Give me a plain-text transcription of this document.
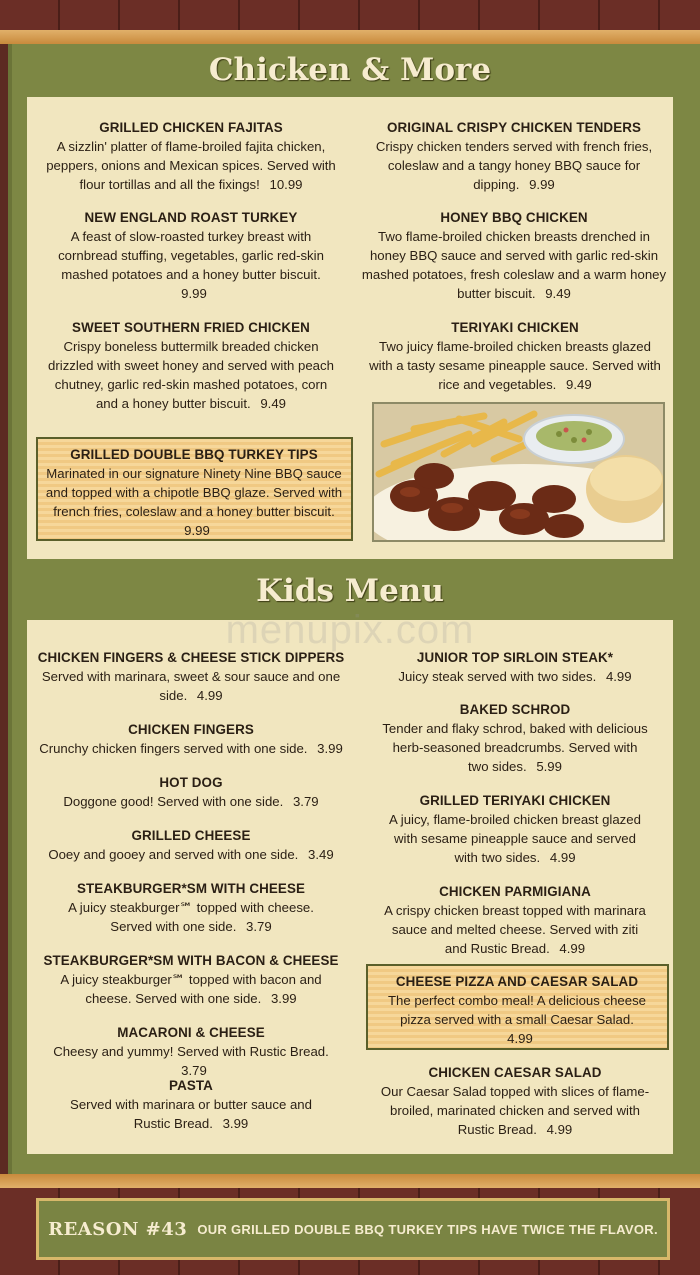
Chicken & More
GRILLED CHICKEN FAJITAS
A sizzlin' platter of flame-broiled fajita chicken, peppers, onions and Mexican spices. Served with flour tortillas and all the fixings! 10.99
NEW ENGLAND ROAST TURKEY
A feast of slow-roasted turkey breast with cornbread stuffing, vegetables, garlic red-skin mashed potatoes and a honey butter biscuit. 9.99
SWEET SOUTHERN FRIED CHICKEN
Crispy boneless buttermilk breaded chicken drizzled with sweet honey and served with peach chutney, garlic red-skin mashed potatoes, corn and a honey butter biscuit. 9.49
GRILLED DOUBLE BBQ TURKEY TIPS
Marinated in our signature Ninety Nine BBQ sauce and topped with a chipotle BBQ glaze. Served with french fries, coleslaw and a honey butter biscuit. 9.99
ORIGINAL CRISPY CHICKEN TENDERS
Crispy chicken tenders served with french fries, coleslaw and a tangy honey BBQ sauce for dipping. 9.99
HONEY BBQ CHICKEN
Two flame-broiled chicken breasts drenched in honey BBQ sauce and served with garlic red-skin mashed potatoes, fresh coleslaw and a warm honey butter biscuit. 9.49
TERIYAKI CHICKEN
Two juicy flame-broiled chicken breasts glazed with a tasty sesame pineapple sauce. Served with rice and vegetables. 9.49
Kids Menu
menupix.com
CHICKEN FINGERS & CHEESE STICK DIPPERS
Served with marinara, sweet & sour sauce and one side. 4.99
CHICKEN FINGERS
Crunchy chicken fingers served with one side. 3.99
HOT DOG
Doggone good! Served with one side. 3.79
GRILLED CHEESE
Ooey and gooey and served with one side. 3.49
STEAKBURGER*SM WITH CHEESE
A juicy steakburger℠ topped with cheese. Served with one side. 3.79
STEAKBURGER*SM WITH BACON & CHEESE
A juicy steakburger℠ topped with bacon and cheese. Served with one side. 3.99
MACARONI & CHEESE
Cheesy and yummy! Served with Rustic Bread. 3.79
PASTA
Served with marinara or butter sauce and Rustic Bread. 3.99
JUNIOR TOP SIRLOIN STEAK*
Juicy steak served with two sides. 4.99
BAKED SCHROD
Tender and flaky schrod, baked with delicious herb-seasoned breadcrumbs. Served with two sides. 5.99
GRILLED TERIYAKI CHICKEN
A juicy, flame-broiled chicken breast glazed with sesame pineapple sauce and served with two sides. 4.99
CHICKEN PARMIGIANA
A crispy chicken breast topped with marinara sauce and melted cheese. Served with ziti and Rustic Bread. 4.99
CHEESE PIZZA AND CAESAR SALAD
The perfect combo meal! A delicious cheese pizza served with a small Caesar Salad. 4.99
CHICKEN CAESAR SALAD
Our Caesar Salad topped with slices of flame-broiled, marinated chicken and served with Rustic Bread. 4.99
REASON #43 OUR GRILLED DOUBLE BBQ TURKEY TIPS HAVE TWICE THE FLAVOR.
